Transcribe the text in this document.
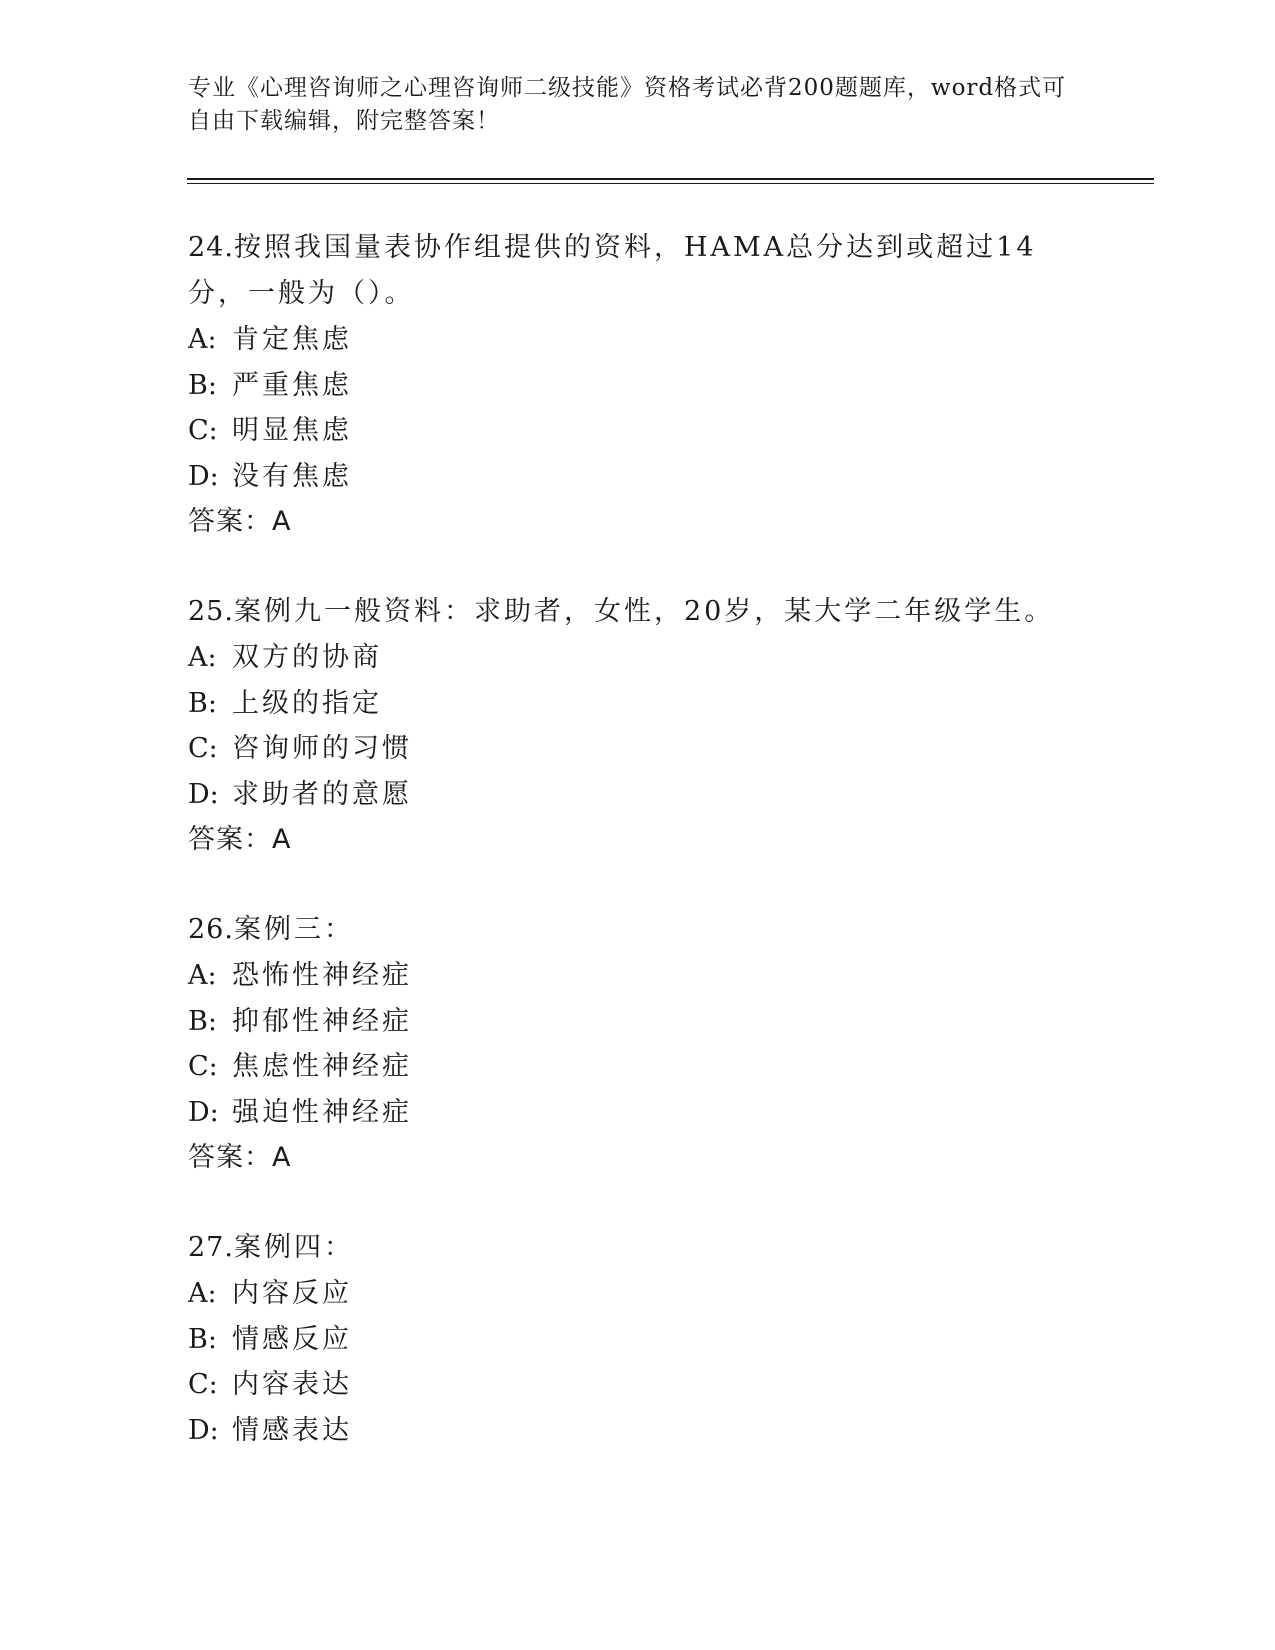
专业《心理咨询师之心理咨询师二级技能》资格考试必背200题题库，word格式可自由下载编辑，附完整答案！

24.按照我国量表协作组提供的资料，HAMA总分达到或超过14分，一般为（）。

A: 肯定焦虑
B: 严重焦虑
C: 明显焦虑
D: 没有焦虑
答案：A

25.案例九一般资料：求助者，女性，20岁，某大学二年级学生。

A: 双方的协商
B: 上级的指定
C: 咨询师的习惯
D: 求助者的意愿
答案：A

26.案例三：

A: 恐怖性神经症
B: 抑郁性神经症
C: 焦虑性神经症
D: 强迫性神经症
答案：A

27.案例四：

A: 内容反应
B: 情感反应
C: 内容表达
D: 情感表达
